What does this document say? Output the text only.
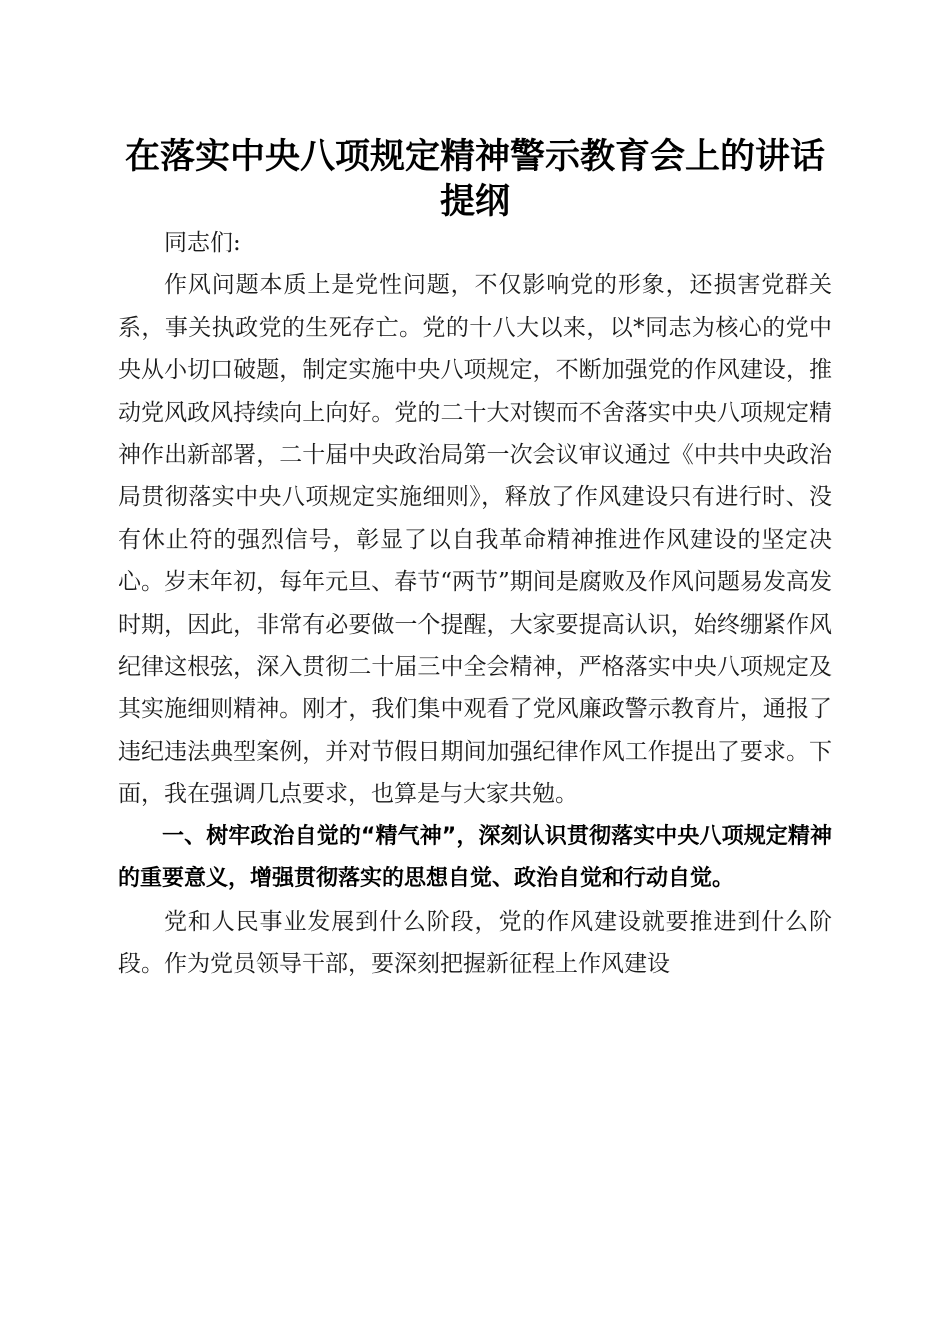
在落实中央八项规定精神警示教育会上的讲话
提纲

同志们:

作风问题本质上是党性问题，不仅影响党的形象，还损害党群关系，事关执政党的生死存亡。党的十八大以来，以*同志为核心的党中央从小切口破题，制定实施中央八项规定，不断加强党的作风建设，推动党风政风持续向上向好。党的二十大对锲而不舍落实中央八项规定精神作出新部署，二十届中央政治局第一次会议审议通过《中共中央政治局贯彻落实中央八项规定实施细则》，释放了作风建设只有进行时、没有休止符的强烈信号，彰显了以自我革命精神推进作风建设的坚定决心。岁末年初，每年元旦、春节“两节”期间是腐败及作风问题易发高发时期，因此，非常有必要做一个提醒，大家要提高认识，始终绷紧作风纪律这根弦，深入贯彻二十届三中全会精神，严格落实中央八项规定及其实施细则精神。刚才，我们集中观看了党风廉政警示教育片，通报了违纪违法典型案例，并对节假日期间加强纪律作风工作提出了要求。下面，我在强调几点要求，也算是与大家共勉。

一、树牢政治自觉的“精气神”，深刻认识贯彻落实中央八项规定精神的重要意义，增强贯彻落实的思想自觉、政治自觉和行动自觉。

党和人民事业发展到什么阶段，党的作风建设就要推进到什么阶段。作为党员领导干部，要深刻把握新征程上作风建设
